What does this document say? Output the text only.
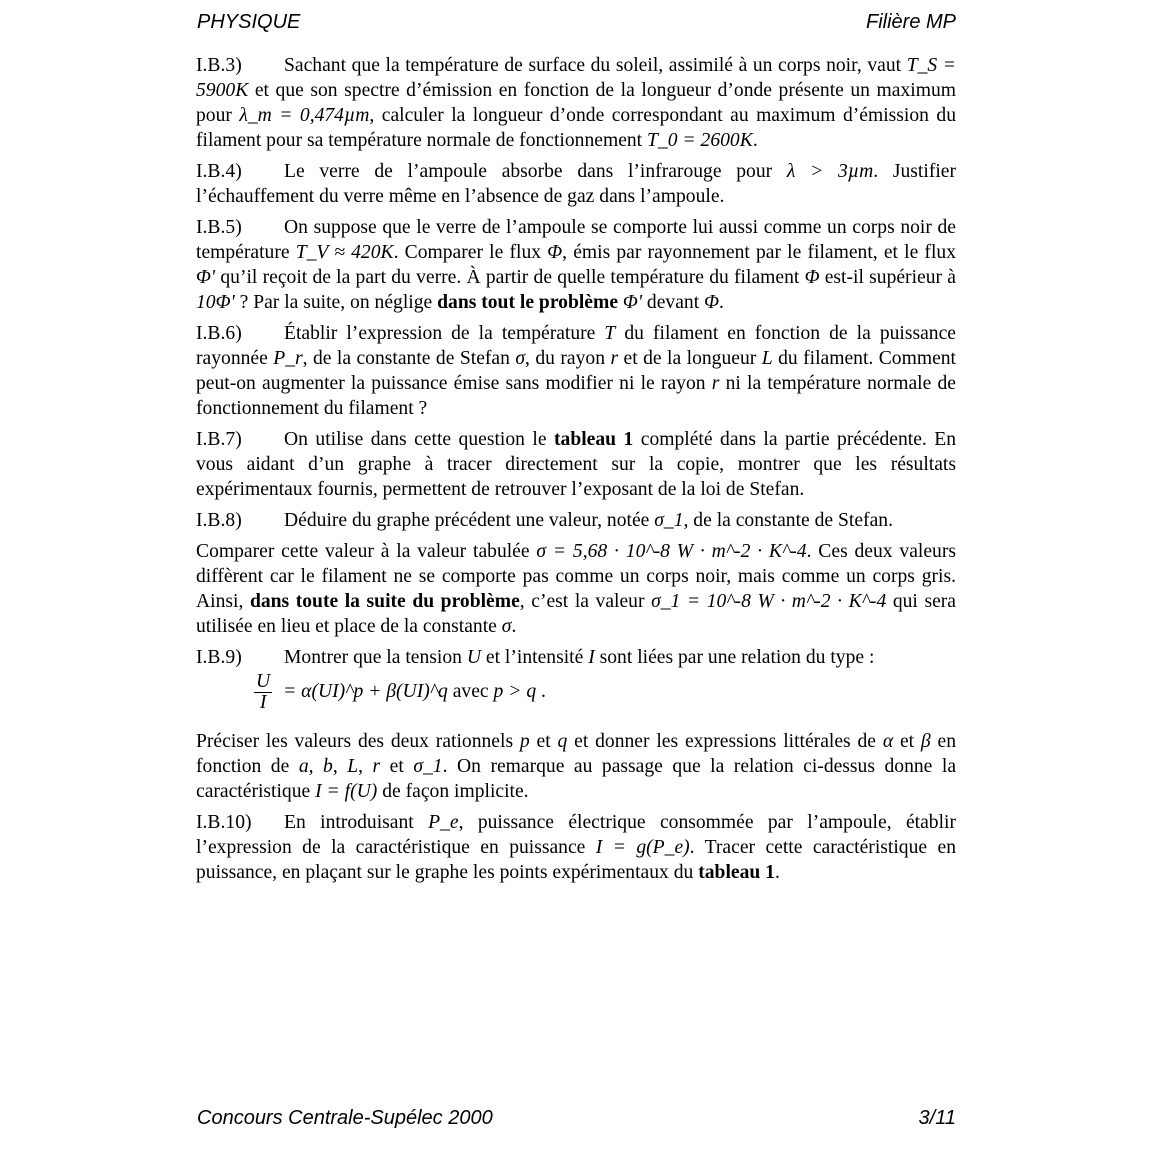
PHYSIQUE	Filière MP

I.B.3) Sachant que la température de surface du soleil, assimilé à un corps noir, vaut T_S = 5900K et que son spectre d’émission en fonction de la longueur d’onde présente un maximum pour λ_m = 0,474µm, calculer la longueur d’onde correspondant au maximum d’émission du filament pour sa température normale de fonctionnement T_0 = 2600K.

I.B.4) Le verre de l’ampoule absorbe dans l’infrarouge pour λ > 3µm. Justifier l’échauffement du verre même en l’absence de gaz dans l’ampoule.

I.B.5) On suppose que le verre de l’ampoule se comporte lui aussi comme un corps noir de température T_V ≈ 420K. Comparer le flux Φ, émis par rayonnement par le filament, et le flux Φ' qu’il reçoit de la part du verre. À partir de quelle température du filament Φ est-il supérieur à 10Φ' ? Par la suite, on néglige dans tout le problème Φ' devant Φ.

I.B.6) Établir l’expression de la température T du filament en fonction de la puissance rayonnée P_r, de la constante de Stefan σ, du rayon r et de la longueur L du filament. Comment peut-on augmenter la puissance émise sans modifier ni le rayon r ni la température normale de fonctionnement du filament ?

I.B.7) On utilise dans cette question le tableau 1 complété dans la partie précédente. En vous aidant d’un graphe à tracer directement sur la copie, montrer que les résultats expérimentaux fournis, permettent de retrouver l’exposant de la loi de Stefan.

I.B.8) Déduire du graphe précédent une valeur, notée σ_1, de la constante de Stefan.

Comparer cette valeur à la valeur tabulée σ = 5,68 · 10^-8 W · m^-2 · K^-4. Ces deux valeurs diffèrent car le filament ne se comporte pas comme un corps noir, mais comme un corps gris. Ainsi, dans toute la suite du problème, c’est la valeur σ_1 = 10^-8 W · m^-2 · K^-4 qui sera utilisée en lieu et place de la constante σ.

I.B.9) Montrer que la tension U et l’intensité I sont liées par une relation du type :

$\frac{U}{I}$ = α(UI)^p + β(UI)^q avec p > q .

Préciser les valeurs des deux rationnels p et q et donner les expressions littérales de α et β en fonction de a, b, L, r et σ_1. On remarque au passage que la relation ci-dessus donne la caractéristique I = f(U) de façon implicite.

I.B.10) En introduisant P_e, puissance électrique consommée par l’ampoule, établir l’expression de la caractéristique en puissance I = g(P_e). Tracer cette caractéristique en puissance, en plaçant sur le graphe les points expérimentaux du tableau 1.

Concours Centrale-Supélec 2000	3/11
